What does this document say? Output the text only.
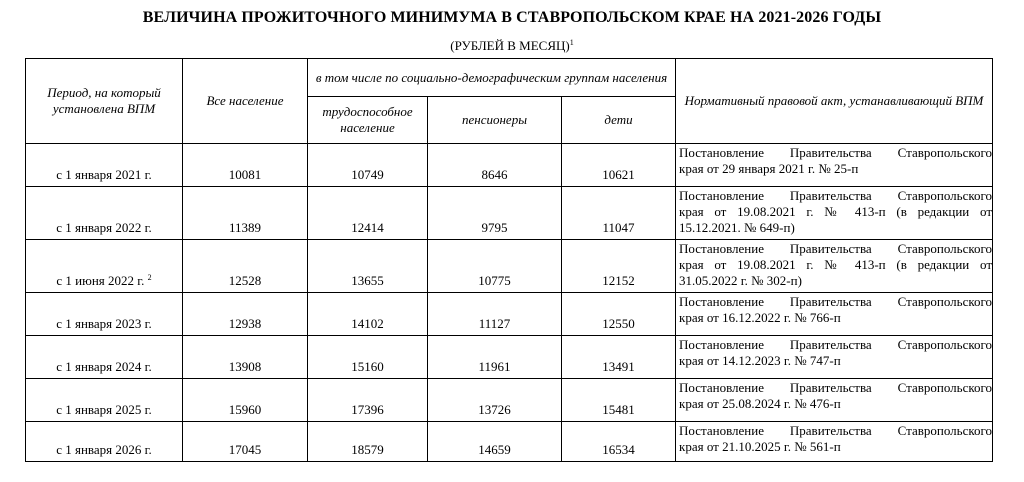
ВЕЛИЧИНА ПРОЖИТОЧНОГО МИНИМУМА В СТАВРОПОЛЬСКОМ КРАЕ НА 2021-2026 ГОДЫ
(РУБЛЕЙ В МЕСЯЦ)$^1$
Период, на который установлена ВПМ	Все население	в том числе по социально-демографическим группам населения			Нормативный правовой акт, устанавливающий ВПМ
		трудоспособное население	пенсионеры	дети	
с 1 января 2021 г.	10081	10749	8646	10621	Постановление Правительства Ставропольского
края от 29 января 2021 г. № 25-п

с 1 января 2022 г.	11389	12414	9795	11047	Постановление Правительства Ставропольского
края от 19.08.2021 г. № 413-п (в редакции от
15.12.2021. № 649-п)

с 1 июня 2022 г. $^2$	12528	13655	10775	12152	Постановление Правительства Ставропольского
края от 19.08.2021 г. № 413-п (в редакции от
31.05.2022 г. № 302-п)

с 1 января 2023 г.	12938	14102	11127	12550	Постановление Правительства Ставропольского
края от 16.12.2022 г. № 766-п

с 1 января 2024 г.	13908	15160	11961	13491	Постановление Правительства Ставропольского
края от 14.12.2023 г. № 747-п

с 1 января 2025 г.	15960	17396	13726	15481	Постановление Правительства Ставропольского
края от 25.08.2024 г. № 476-п

с 1 января 2026 г.	17045	18579	14659	16534	Постановление Правительства Ставропольского
края от 21.10.2025 г. № 561-п
